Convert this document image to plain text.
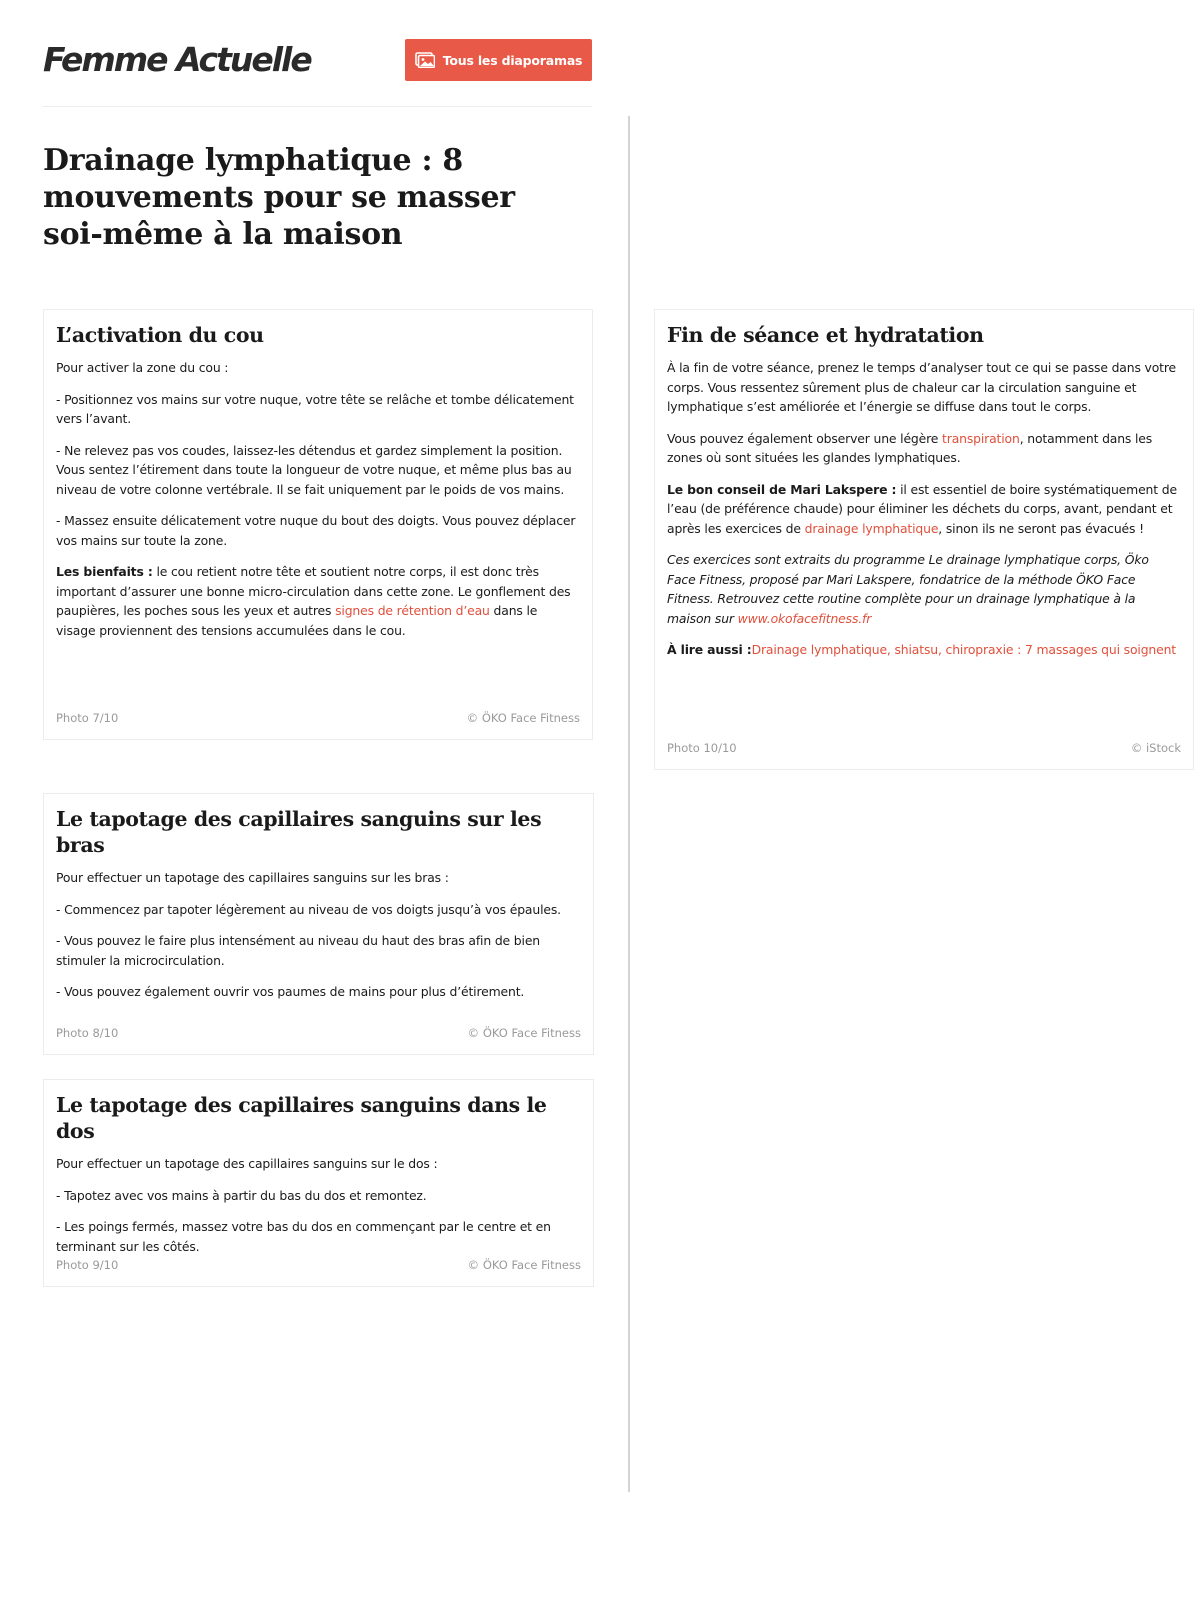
Femme Actuelle	Tous les diaporamas
Drainage lymphatique : 8 mouvements pour se masser soi-même à la maison
L’activation du cou

Pour activer la zone du cou :

- Positionnez vos mains sur votre nuque, votre tête se relâche et tombe délicatement vers l’avant.

- Ne relevez pas vos coudes, laissez-les détendus et gardez simplement la position. Vous sentez l’étirement dans toute la longueur de votre nuque, et même plus bas au niveau de votre colonne vertébrale. Il se fait uniquement par le poids de vos mains.

- Massez ensuite délicatement votre nuque du bout des doigts. Vous pouvez déplacer vos mains sur toute la zone.

Les bienfaits : le cou retient notre tête et soutient notre corps, il est donc très important d’assurer une bonne micro-circulation dans cette zone. Le gonflement des paupières, les poches sous les yeux et autres signes de rétention d’eau dans le visage proviennent des tensions accumulées dans le cou.

Photo 7/10	© ÖKO Face Fitness
Fin de séance et hydratation

À la fin de votre séance, prenez le temps d’analyser tout ce qui se passe dans votre corps. Vous ressentez sûrement plus de chaleur car la circulation sanguine et lymphatique s’est améliorée et l’énergie se diffuse dans tout le corps.

Vous pouvez également observer une légère transpiration, notamment dans les zones où sont situées les glandes lymphatiques.

Le bon conseil de Mari Lakspere : il est essentiel de boire systématiquement de l’eau (de préférence chaude) pour éliminer les déchets du corps, avant, pendant et après les exercices de drainage lymphatique, sinon ils ne seront pas évacués !

Ces exercices sont extraits du programme Le drainage lymphatique corps, Öko Face Fitness, proposé par Mari Lakspere, fondatrice de la méthode ÖKO Face Fitness. Retrouvez cette routine complète pour un drainage lymphatique à la maison sur www.okofacefitness.fr

À lire aussi :Drainage lymphatique, shiatsu, chiropraxie : 7 massages qui soignent

Photo 10/10	© iStock
Le tapotage des capillaires sanguins sur les bras

Pour effectuer un tapotage des capillaires sanguins sur les bras :

- Commencez par tapoter légèrement au niveau de vos doigts jusqu’à vos épaules.

- Vous pouvez le faire plus intensément au niveau du haut des bras afin de bien stimuler la microcirculation.

- Vous pouvez également ouvrir vos paumes de mains pour plus d’étirement.

Photo 8/10	© ÖKO Face Fitness
Le tapotage des capillaires sanguins dans le dos

Pour effectuer un tapotage des capillaires sanguins sur le dos :

- Tapotez avec vos mains à partir du bas du dos et remontez.

- Les poings fermés, massez votre bas du dos en commençant par le centre et en terminant sur les côtés.

Photo 9/10	© ÖKO Face Fitness
